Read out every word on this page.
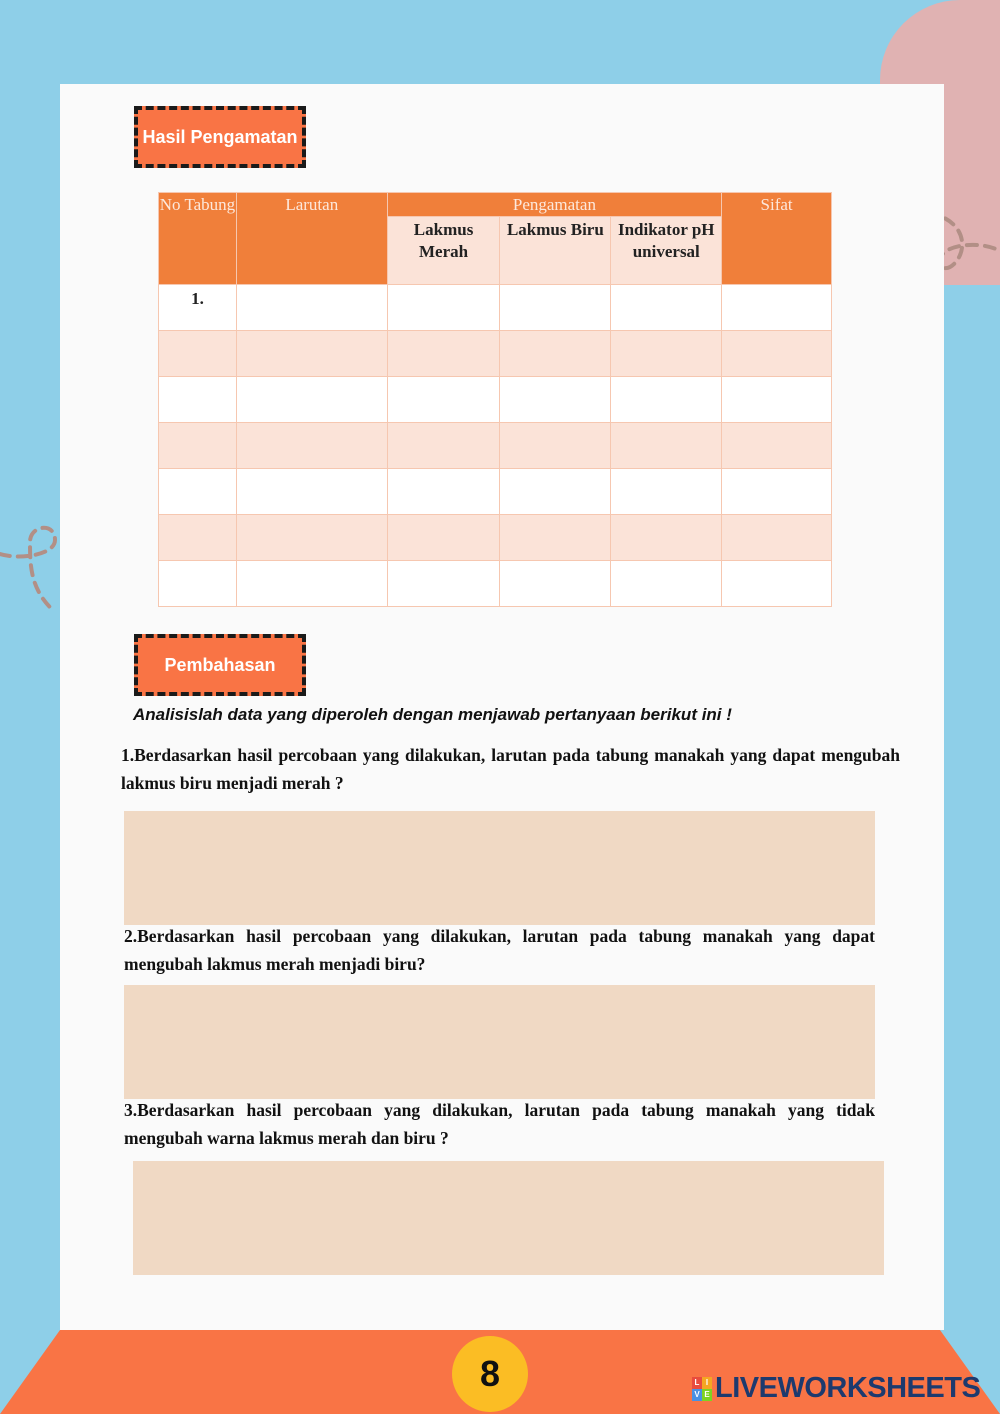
Hasil Pengamatan
No Tabung	Larutan	Pengamatan			Sifat
		Lakmus Merah	Lakmus Biru	Indikator pH universal	
1.					

Pembahasan
Analisislah data yang diperoleh dengan menjawab pertanyaan berikut ini !
1.Berdasarkan hasil percobaan yang dilakukan, larutan pada tabung manakah yang dapat mengubah lakmus biru menjadi merah ?
2.Berdasarkan hasil percobaan yang dilakukan, larutan pada tabung manakah yang dapat mengubah lakmus merah menjadi biru?
3.Berdasarkan hasil percobaan yang dilakukan, larutan pada tabung manakah yang tidak mengubah warna lakmus merah dan biru ?
8	L I
V E LIVEWORKSHEETS
